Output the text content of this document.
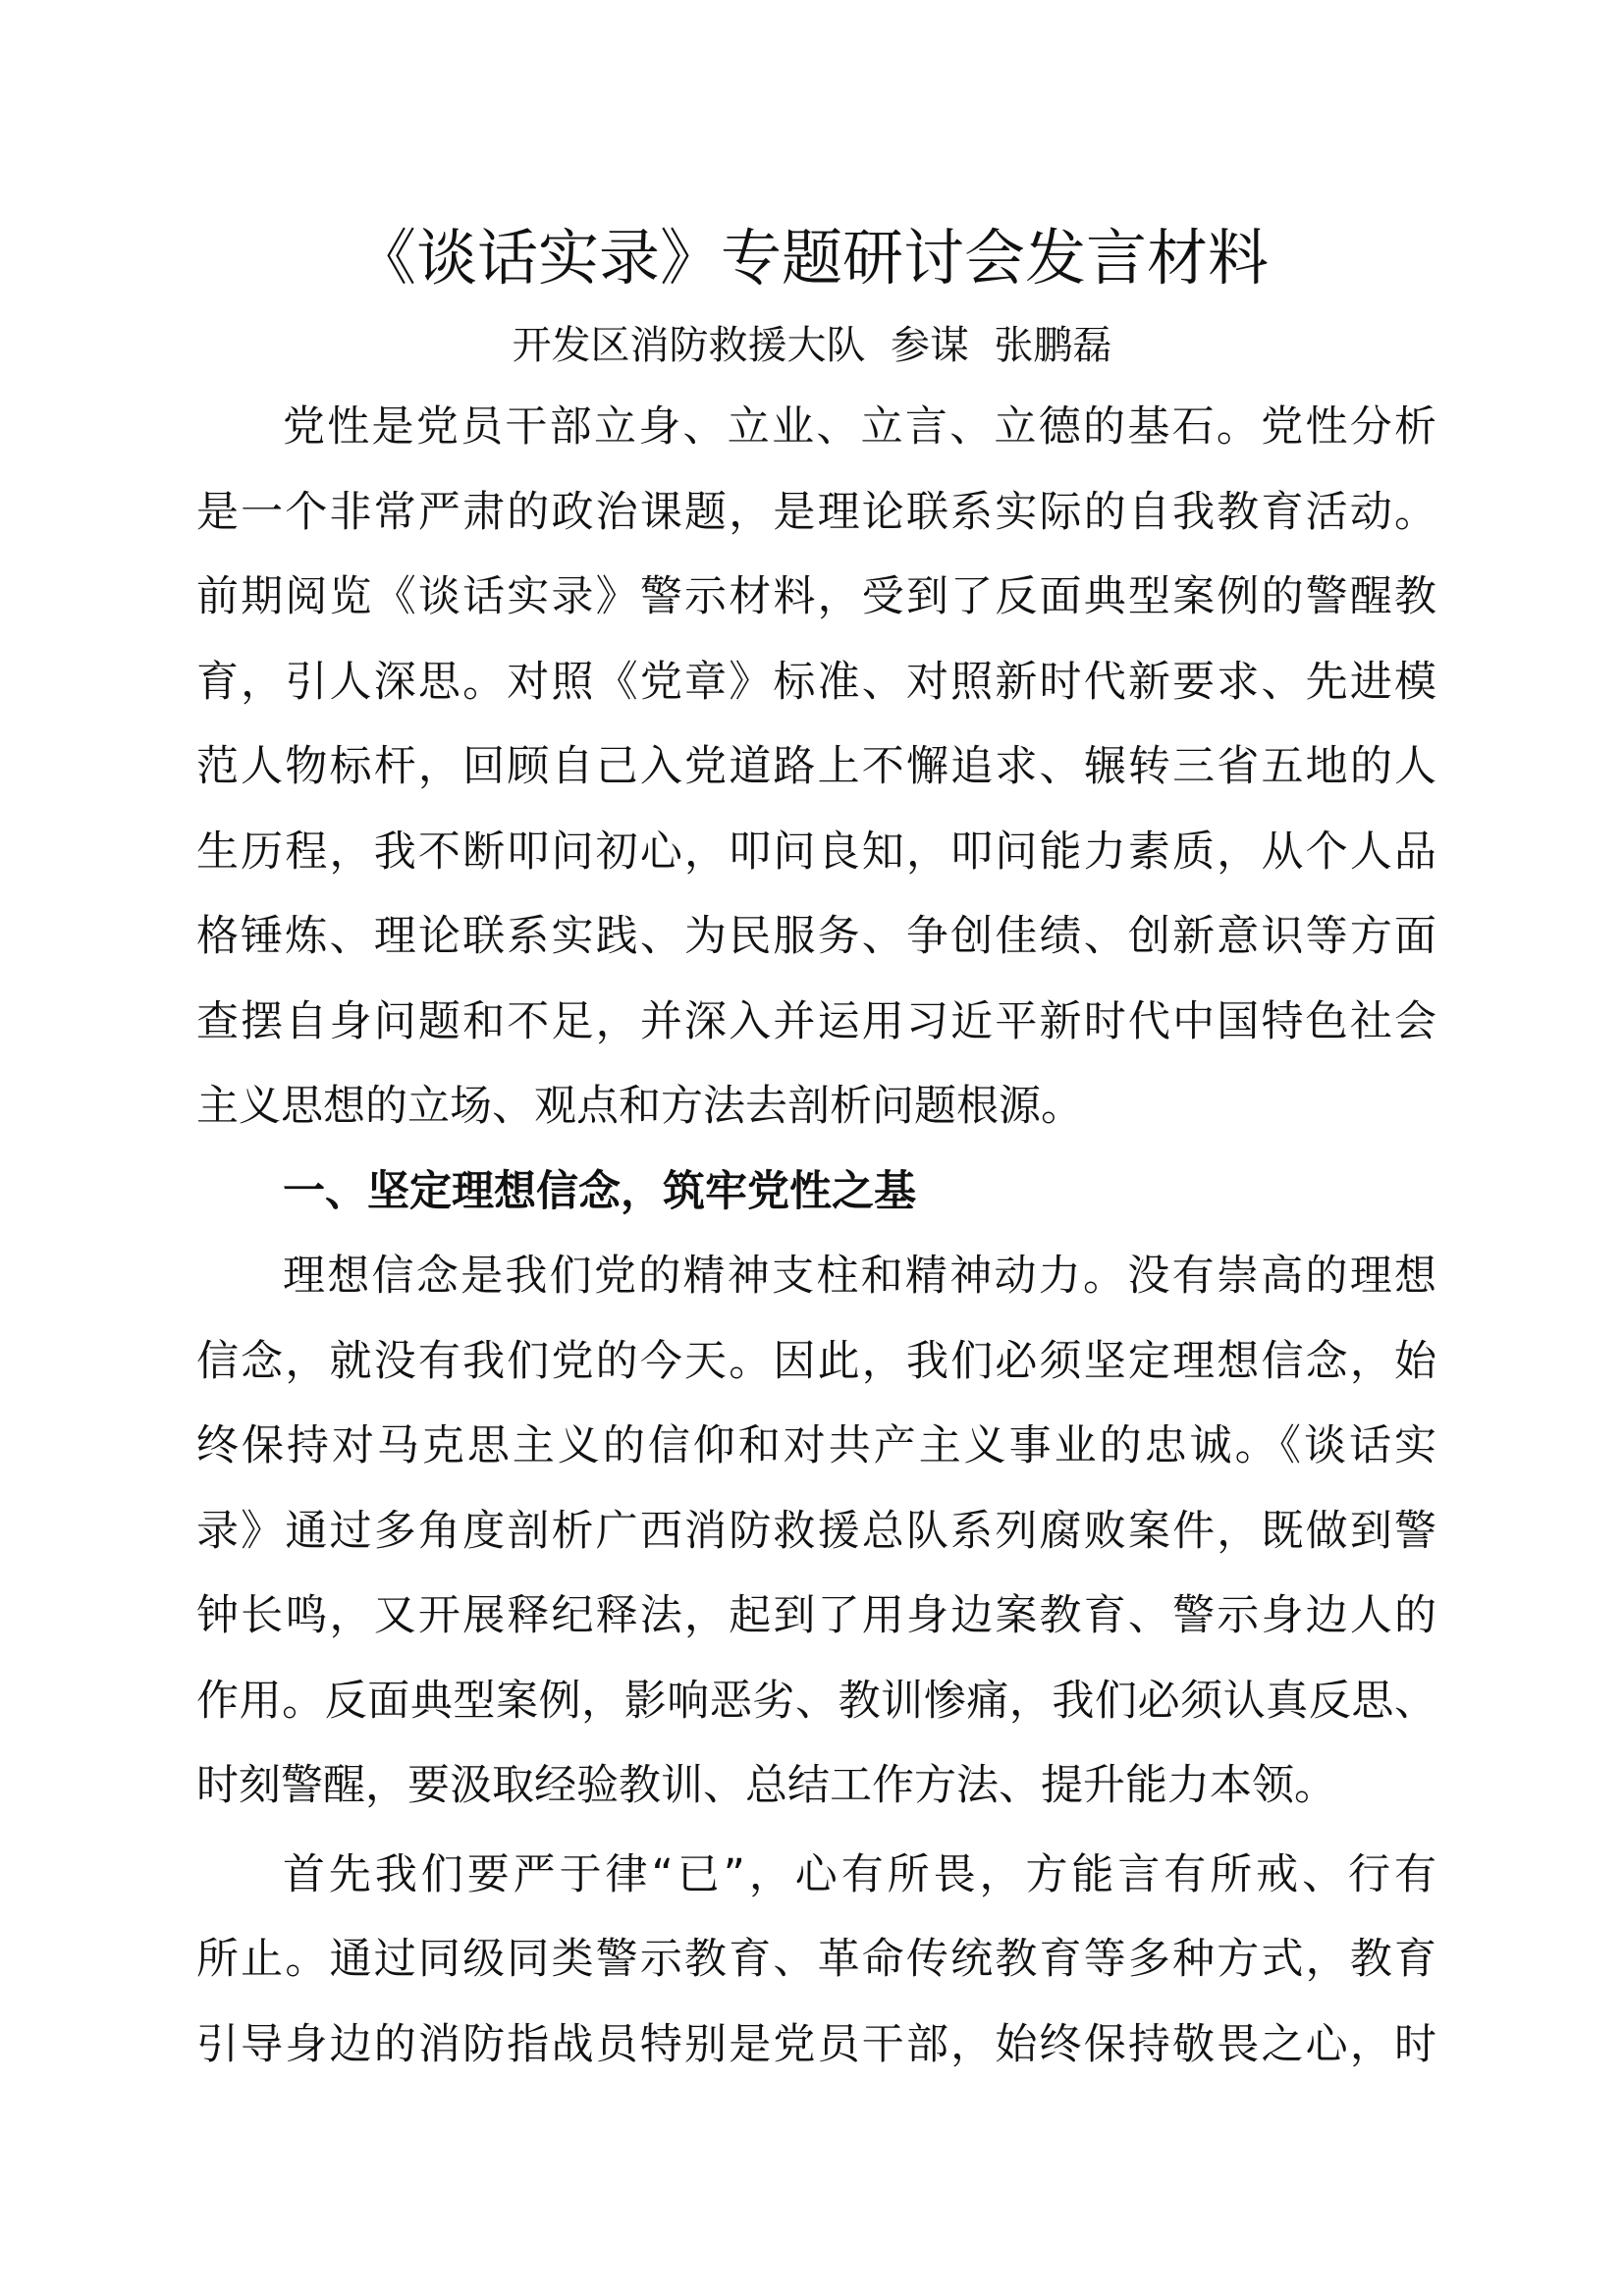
《谈话实录》专题研讨会发言材料
开发区消防救援大队  参谋  张鹏磊
党性是党员干部立身、立业、立言、立德的基石。党性分析
是一个非常严肃的政治课题，是理论联系实际的自我教育活动。
前期阅览《谈话实录》警示材料，受到了反面典型案例的警醒教
育，引人深思。对照《党章》标准、对照新时代新要求、先进模
范人物标杆，回顾自己入党道路上不懈追求、辗转三省五地的人
生历程，我不断叩问初心，叩问良知，叩问能力素质，从个人品
格锤炼、理论联系实践、为民服务、争创佳绩、创新意识等方面
查摆自身问题和不足，并深入并运用习近平新时代中国特色社会
主义思想的立场、观点和方法去剖析问题根源。
一、坚定理想信念，筑牢党性之基
理想信念是我们党的精神支柱和精神动力。没有崇高的理想
信念，就没有我们党的今天。因此，我们必须坚定理想信念，始
终保持对马克思主义的信仰和对共产主义事业的忠诚。《谈话实
录》通过多角度剖析广西消防救援总队系列腐败案件，既做到警
钟长鸣，又开展释纪释法，起到了用身边案教育、警示身边人的
作用。反面典型案例，影响恶劣、教训惨痛，我们必须认真反思、
时刻警醒，要汲取经验教训、总结工作方法、提升能力本领。
首先我们要严于律“已”，心有所畏，方能言有所戒、行有
所止。通过同级同类警示教育、革命传统教育等多种方式，教育
引导身边的消防指战员特别是党员干部，始终保持敬畏之心，时
